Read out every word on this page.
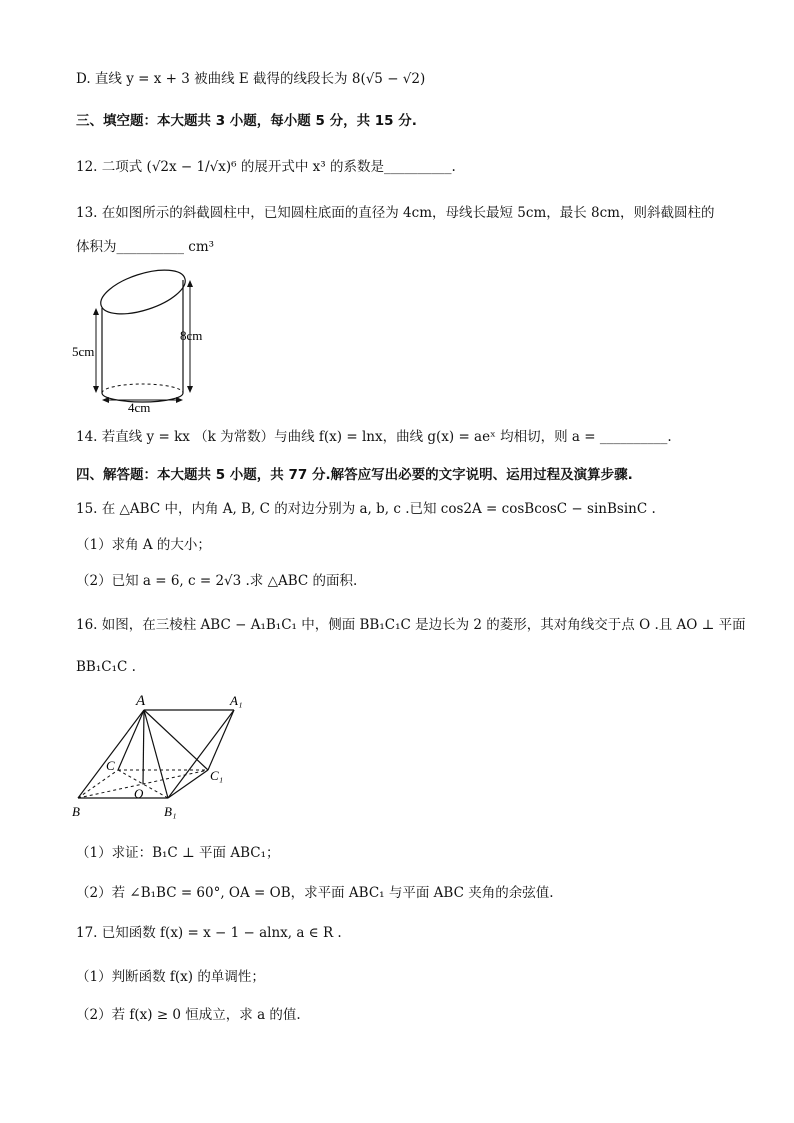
D. 直线 y = x + 3 被曲线 E 截得的线段长为 8(√5 − √2)
三、填空题：本大题共 3 小题，每小题 5 分，共 15 分.
12. 二项式 (√2x − 1/√x)⁶ 的展开式中 x³ 的系数是__________.
13. 在如图所示的斜截圆柱中，已知圆柱底面的直径为 4cm，母线长最短 5cm，最长 8cm，则斜截圆柱的
体积为__________ cm³
5cm
8cm
4cm
14. 若直线 y = kx （k 为常数）与曲线 f(x) = lnx，曲线 g(x) = aeˣ 均相切，则 a = __________.
四、解答题：本大题共 5 小题，共 77 分.解答应写出必要的文字说明、运用过程及演算步骤.
15. 在 △ABC 中，内角 A, B, C 的对边分别为 a, b, c .已知 cos2A = cosBcosC − sinBsinC .
（1）求角 A 的大小；
（2）已知 a = 6, c = 2√3 .求 △ABC 的面积.
16. 如图，在三棱柱 ABC − A₁B₁C₁ 中，侧面 BB₁C₁C 是边长为 2 的菱形，其对角线交于点 O .且 AO ⊥ 平面
BB₁C₁C .
A	A₁
B	B₁
C
C₁
O
（1）求证：B₁C ⊥ 平面 ABC₁；
（2）若 ∠B₁BC = 60°, OA = OB，求平面 ABC₁ 与平面 ABC 夹角的余弦值.
17. 已知函数 f(x) = x − 1 − alnx, a ∈ R .
（1）判断函数 f(x) 的单调性；
（2）若 f(x) ≥ 0 恒成立，求 a 的值.
